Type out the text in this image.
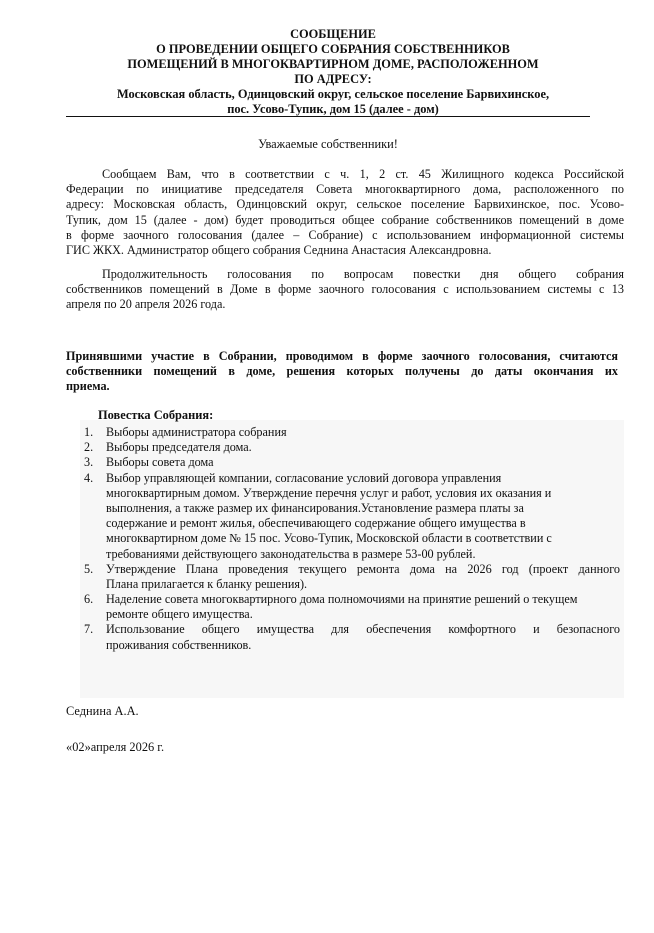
СООБЩЕНИЕ
О ПРОВЕДЕНИИ ОБЩЕГО СОБРАНИЯ СОБСТВЕННИКОВ
ПОМЕЩЕНИЙ В МНОГОКВАРТИРНОМ ДОМЕ, РАСПОЛОЖЕННОМ
ПО АДРЕСУ:
Московская область, Одинцовский округ, сельское поселение Барвихинское,
пос. Усово-Тупик, дом 15 (далее - дом)
Уважаемые собственники!
Сообщаем Вам, что в соответствии с ч. 1, 2 ст. 45 Жилищного кодекса Российской
Федерации по инициативе председателя Совета многоквартирного дома, расположенного по
адресу: Московская область, Одинцовский округ, сельское поселение Барвихинское, пос. Усово-
Тупик, дом 15 (далее - дом) будет проводиться общее собрание собственников помещений в доме
в форме заочного голосования (далее – Собрание) с использованием информационной системы
ГИС ЖКХ. Администратор общего собрания Седнина Анастасия Александровна.
Продолжительность голосования по вопросам повестки дня общего собрания
собственников помещений в Доме в форме заочного голосования с использованием системы с 13
апреля по 20 апреля 2026 года.
Принявшими участие в Собрании, проводимом в форме заочного голосования, считаются
собственники помещений в доме, решения которых получены до даты окончания их
приема.
Повестка Собрания:
1. Выборы администратора собрания
2. Выборы председателя дома.
3. Выборы совета дома
4. Выбор управляющей компании, согласование условий договора управления
многоквартирным домом. Утверждение перечня услуг и работ, условия их оказания и
выполнения, а также размер их финансирования.Установление размера платы за
содержание и ремонт жилья, обеспечивающего содержание общего имущества в
многоквартирном доме № 15 пос. Усово-Тупик, Московской области в соответствии с
требованиями действующего законодательства в размере 53-00 рублей.
5. Утверждение Плана проведения текущего ремонта дома на 2026 год (проект данного
Плана прилагается к бланку решения).
6. Наделение совета многоквартирного дома полномочиями на принятие решений о текущем
ремонте общего имущества.
7. Использование общего имущества для обеспечения комфортного и безопасного
проживания собственников.
Седнина А.А.
«02»апреля 2026 г.
